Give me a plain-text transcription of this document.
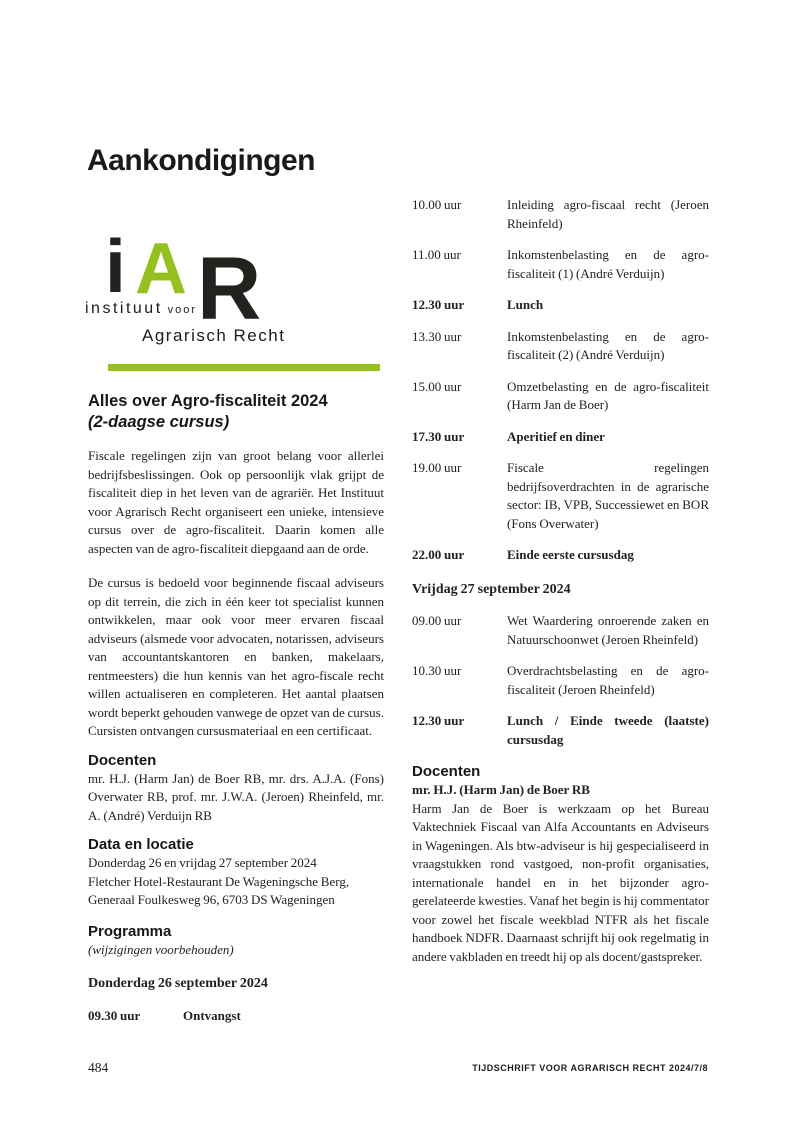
Aankondigingen
i A R
instituut voor
Agrarisch Recht
Alles over Agro-fiscaliteit 2024
(2-daagse cursus)

Fiscale regelingen zijn van groot belang voor allerlei bedrijfsbeslissingen. Ook op persoonlijk vlak grijpt de fiscaliteit diep in het leven van de agrariër. Het Instituut voor Agrarisch Recht organiseert een unieke, intensieve cursus over de agro-fiscaliteit. Daarin komen alle aspecten van de agro-fiscaliteit diepgaand aan de orde.

De cursus is bedoeld voor beginnende fiscaal adviseurs op dit terrein, die zich in één keer tot specialist kunnen ontwikkelen, maar ook voor meer ervaren fiscaal adviseurs (alsmede voor advocaten, notarissen, adviseurs van accountantskantoren en banken, makelaars, rentmeesters) die hun kennis van het agro-fiscale recht willen actualiseren en completeren. Het aantal plaatsen wordt beperkt gehouden vanwege de opzet van de cursus. Cursisten ontvangen cursusmateriaal en een certificaat.

Docenten

mr. H.J. (Harm Jan) de Boer RB, mr. drs. A.J.A. (Fons) Overwater RB, prof. mr. J.W.A. (Jeroen) Rheinfeld, mr. A. (André) Verduijn RB

Data en locatie

Donderdag 26 en vrijdag 27 september 2024

Fletcher Hotel-Restaurant De Wageningsche Berg,

Generaal Foulkesweg 96, 6703 DS Wageningen

Programma

(wijzigingen voorbehouden)

Donderdag 26 september 2024

09.30 uur	Ontvangst
10.00 uur	Inleiding agro-fiscaal recht (Jeroen Rheinfeld)
11.00 uur	Inkomstenbelasting en de agro-fiscaliteit (1) (André Verduijn)
12.30 uur	Lunch
13.30 uur	Inkomstenbelasting en de agro-fiscaliteit (2) (André Verduijn)
15.00 uur	Omzetbelasting en de agro-fiscaliteit (Harm Jan de Boer)
17.30 uur	Aperitief en diner
19.00 uur	Fiscale regelingen bedrijfsoverdrachten in de agrarische sector: IB, VPB, Successiewet en BOR (Fons Overwater)
22.00 uur	Einde eerste cursusdag

Vrijdag 27 september 2024

09.00 uur	Wet Waardering onroerende zaken en Natuurschoonwet (Jeroen Rheinfeld)
10.30 uur	Overdrachtsbelasting en de agro-fiscaliteit (Jeroen Rheinfeld)
12.30 uur	Lunch / Einde tweede (laatste) cursusdag
Docenten

mr. H.J. (Harm Jan) de Boer RB

Harm Jan de Boer is werkzaam op het Bureau Vaktechniek Fiscaal van Alfa Accountants en Adviseurs in Wageningen. Als btw-adviseur is hij gespecialiseerd in vraagstukken rond vastgoed, non-profit organisaties, internationale handel en in het bijzonder agro-gerelateerde kwesties. Vanaf het begin is hij commentator voor zowel het fiscale weekblad NTFR als het fiscale handboek NDFR. Daarnaast schrijft hij ook regelmatig in andere vakbladen en treedt hij op als docent/gastspreker.

484	TIJDSCHRIFT VOOR AGRARISCH RECHT 2024/7/8
